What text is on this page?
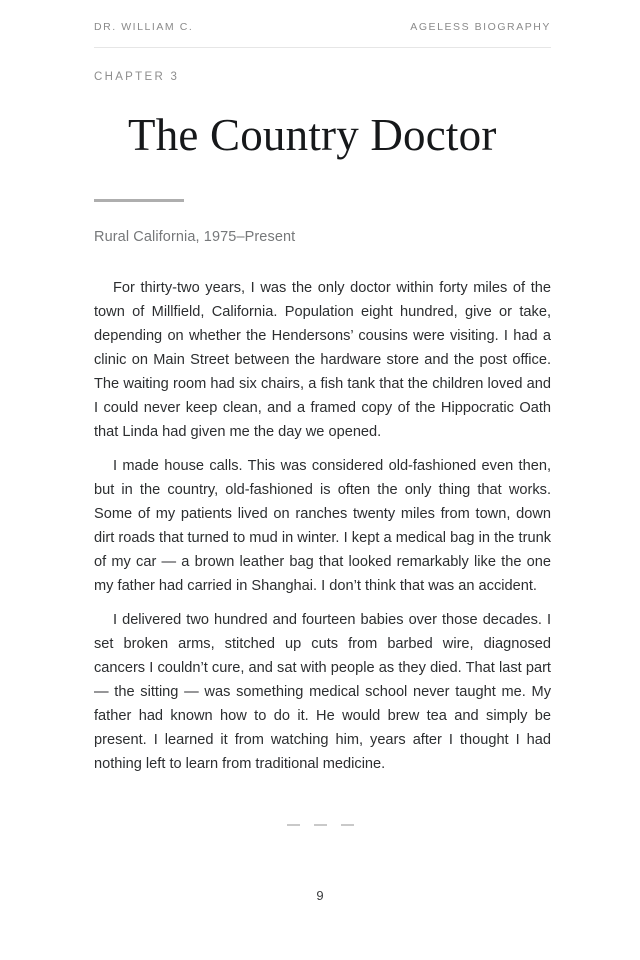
DR. WILLIAM C.	AGELESS BIOGRAPHY
CHAPTER 3
The Country Doctor
Rural California, 1975–Present

For thirty-two years, I was the only doctor within forty miles of the town of Millfield, California. Population eight hundred, give or take, depending on whether the Hendersons’ cousins were visiting. I had a clinic on Main Street between the hardware store and the post office. The waiting room had six chairs, a fish tank that the children loved and I could never keep clean, and a framed copy of the Hippocratic Oath that Linda had given me the day we opened.

I made house calls. This was considered old-fashioned even then, but in the country, old-fashioned is often the only thing that works. Some of my patients lived on ranches twenty miles from town, down dirt roads that turned to mud in winter. I kept a medical bag in the trunk of my car — a brown leather bag that looked remarkably like the one my father had carried in Shanghai. I don’t think that was an accident.

I delivered two hundred and fourteen babies over those decades. I set broken arms, stitched up cuts from barbed wire, diagnosed cancers I couldn’t cure, and sat with people as they died. That last part — the sitting — was something medical school never taught me. My father had known how to do it. He would brew tea and simply be present. I learned it from watching him, years after I thought I had nothing left to learn from traditional medicine.

9
